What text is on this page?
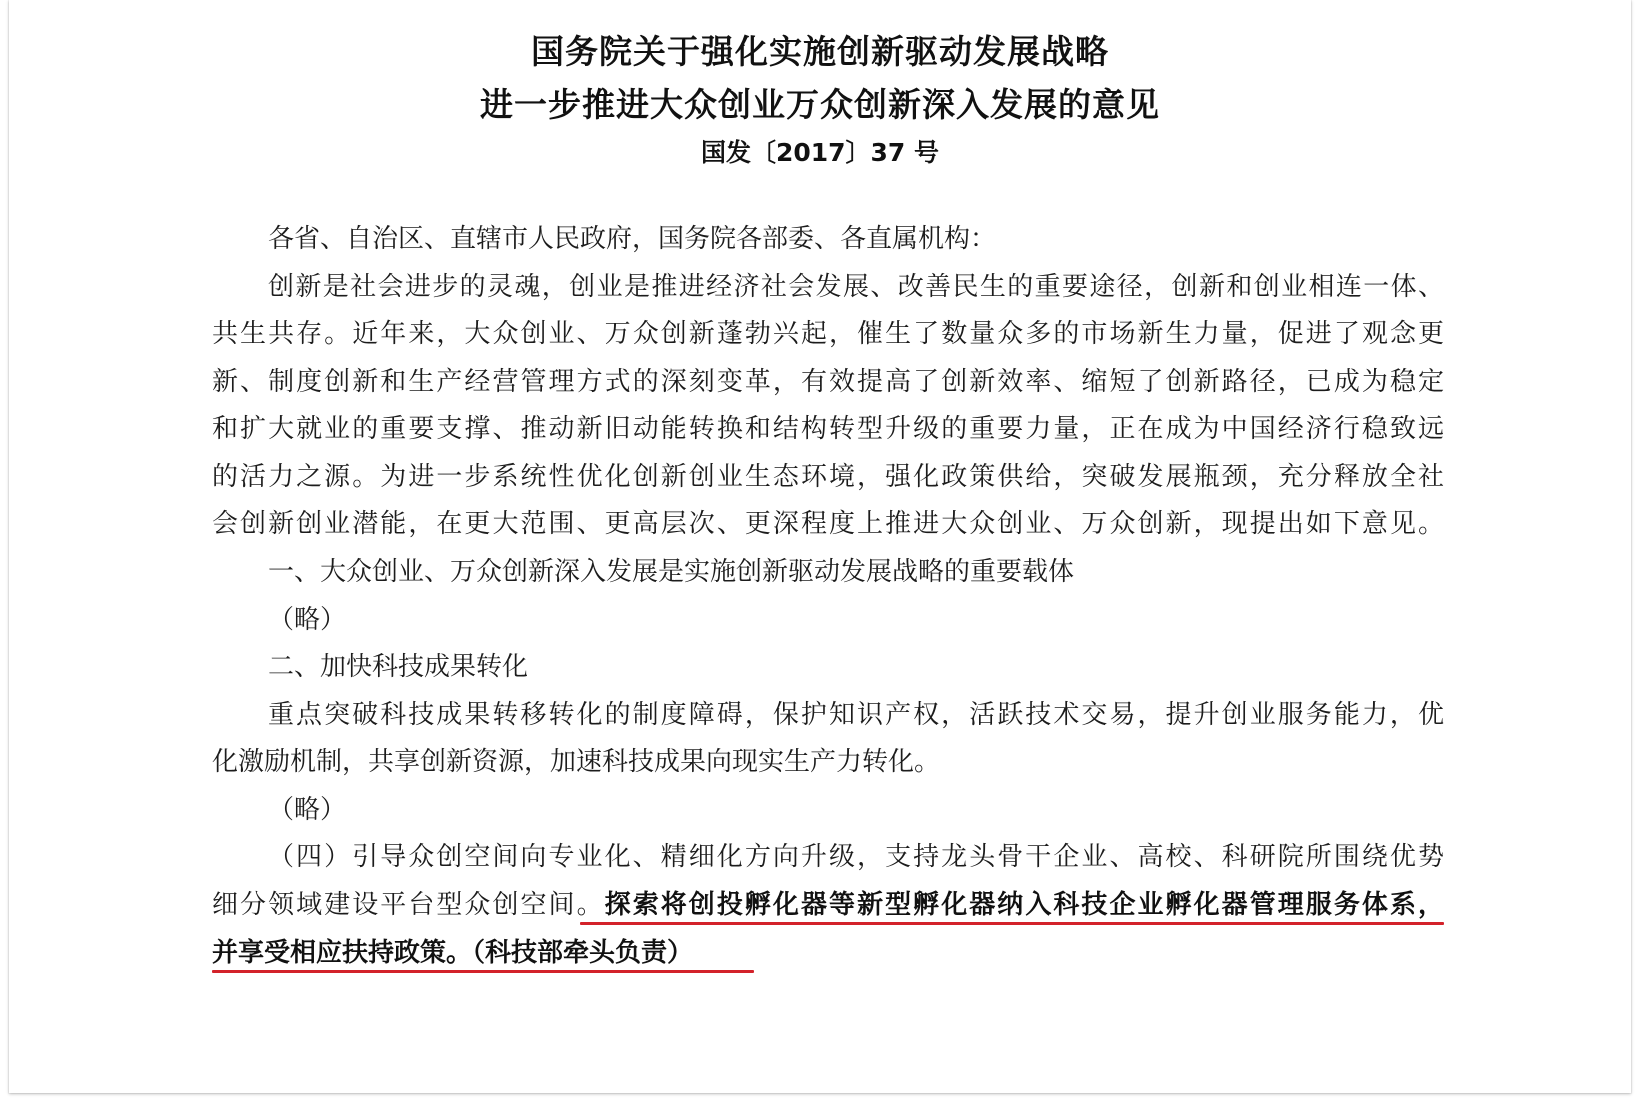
国务院关于强化实施创新驱动发展战略
进一步推进大众创业万众创新深入发展的意见
国发〔2017〕37 号
各省、自治区、直辖市人民政府，国务院各部委、各直属机构：
创新是社会进步的灵魂，创业是推进经济社会发展、改善民生的重要途径，创新和创业相连一体、
共生共存。近年来，大众创业、万众创新蓬勃兴起，催生了数量众多的市场新生力量，促进了观念更
新、制度创新和生产经营管理方式的深刻变革，有效提高了创新效率、缩短了创新路径，已成为稳定
和扩大就业的重要支撑、推动新旧动能转换和结构转型升级的重要力量，正在成为中国经济行稳致远
的活力之源。为进一步系统性优化创新创业生态环境，强化政策供给，突破发展瓶颈，充分释放全社
会创新创业潜能，在更大范围、更高层次、更深程度上推进大众创业、万众创新，现提出如下意见。
一、大众创业、万众创新深入发展是实施创新驱动发展战略的重要载体
（略）
二、加快科技成果转化
重点突破科技成果转移转化的制度障碍，保护知识产权，活跃技术交易，提升创业服务能力，优
化激励机制，共享创新资源，加速科技成果向现实生产力转化。
（略）
（四）引导众创空间向专业化、精细化方向升级，支持龙头骨干企业、高校、科研院所围绕优势
细分领域建设平台型众创空间。探索将创投孵化器等新型孵化器纳入科技企业孵化器管理服务体系，
并享受相应扶持政策。（科技部牵头负责）
